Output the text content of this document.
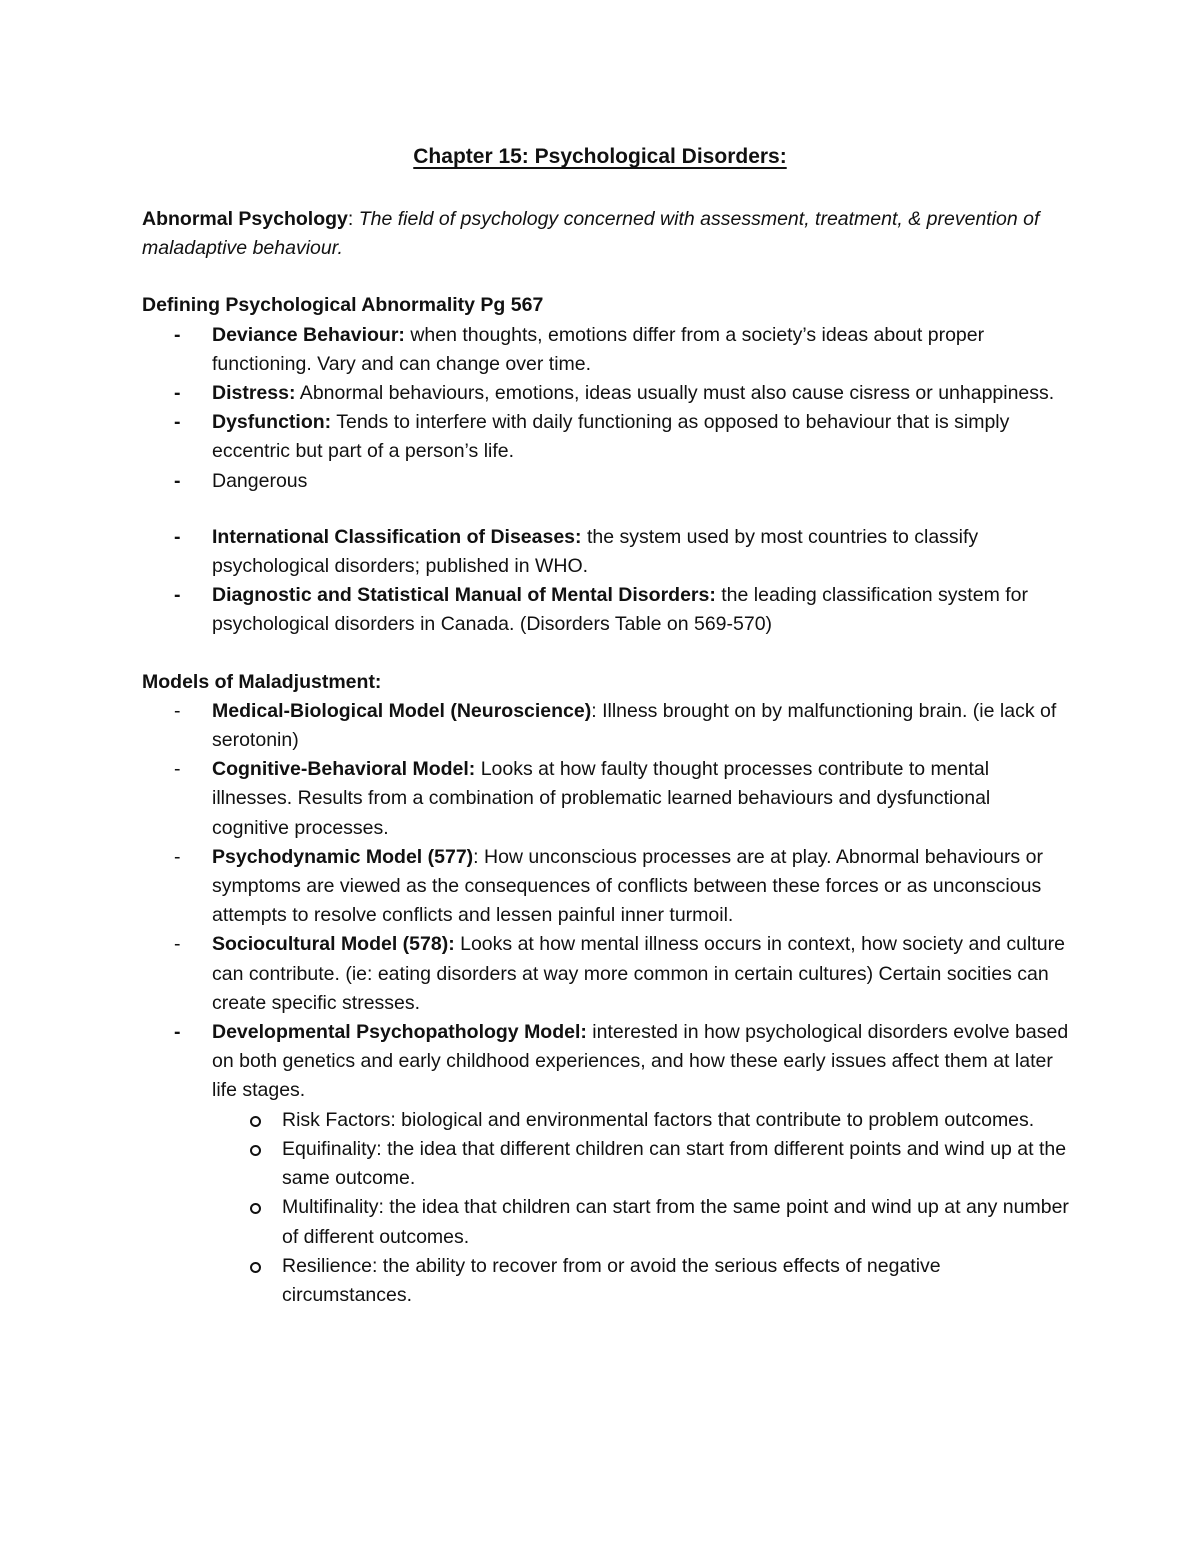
Chapter 15: Psychological Disorders:

Abnormal Psychology: The field of psychology concerned with assessment, treatment, & prevention of maladaptive behaviour.

Defining Psychological Abnormality Pg 567

-	Deviance Behaviour: when thoughts, emotions differ from a society’s ideas about proper functioning. Vary and can change over time.
-	Distress: Abnormal behaviours, emotions, ideas usually must also cause cisress or unhappiness.
-	Dysfunction: Tends to interfere with daily functioning as opposed to behaviour that is simply eccentric but part of a person’s life.
-	Dangerous
-	International Classification of Diseases: the system used by most countries to classify psychological disorders; published in WHO.
-	Diagnostic and Statistical Manual of Mental Disorders: the leading classification system for psychological disorders in Canada. (Disorders Table on 569-570)

Models of Maladjustment:

-	Medical-Biological Model (Neuroscience): Illness brought on by malfunctioning brain. (ie lack of serotonin)
-	Cognitive-Behavioral Model: Looks at how faulty thought processes contribute to mental illnesses. Results from a combination of problematic learned behaviours and dysfunctional cognitive processes.
-	Psychodynamic Model (577): How unconscious processes are at play. Abnormal behaviours or symptoms are viewed as the consequences of conflicts between these forces or as unconscious attempts to resolve conflicts and lessen painful inner turmoil.
-	Sociocultural Model (578): Looks at how mental illness occurs in context, how society and culture can contribute. (ie: eating disorders at way more common in certain cultures) Certain socities can create specific stresses.
-	Developmental Psychopathology Model: interested in how psychological disorders evolve based on both genetics and early childhood experiences, and how these early issues affect them at later life stages.
Risk Factors: biological and environmental factors that contribute to problem outcomes.
Equifinality: the idea that different children can start from different points and wind up at the same outcome.
Multifinality: the idea that children can start from the same point and wind up at any number of different outcomes.
Resilience: the ability to recover from or avoid the serious effects of negative circumstances.
